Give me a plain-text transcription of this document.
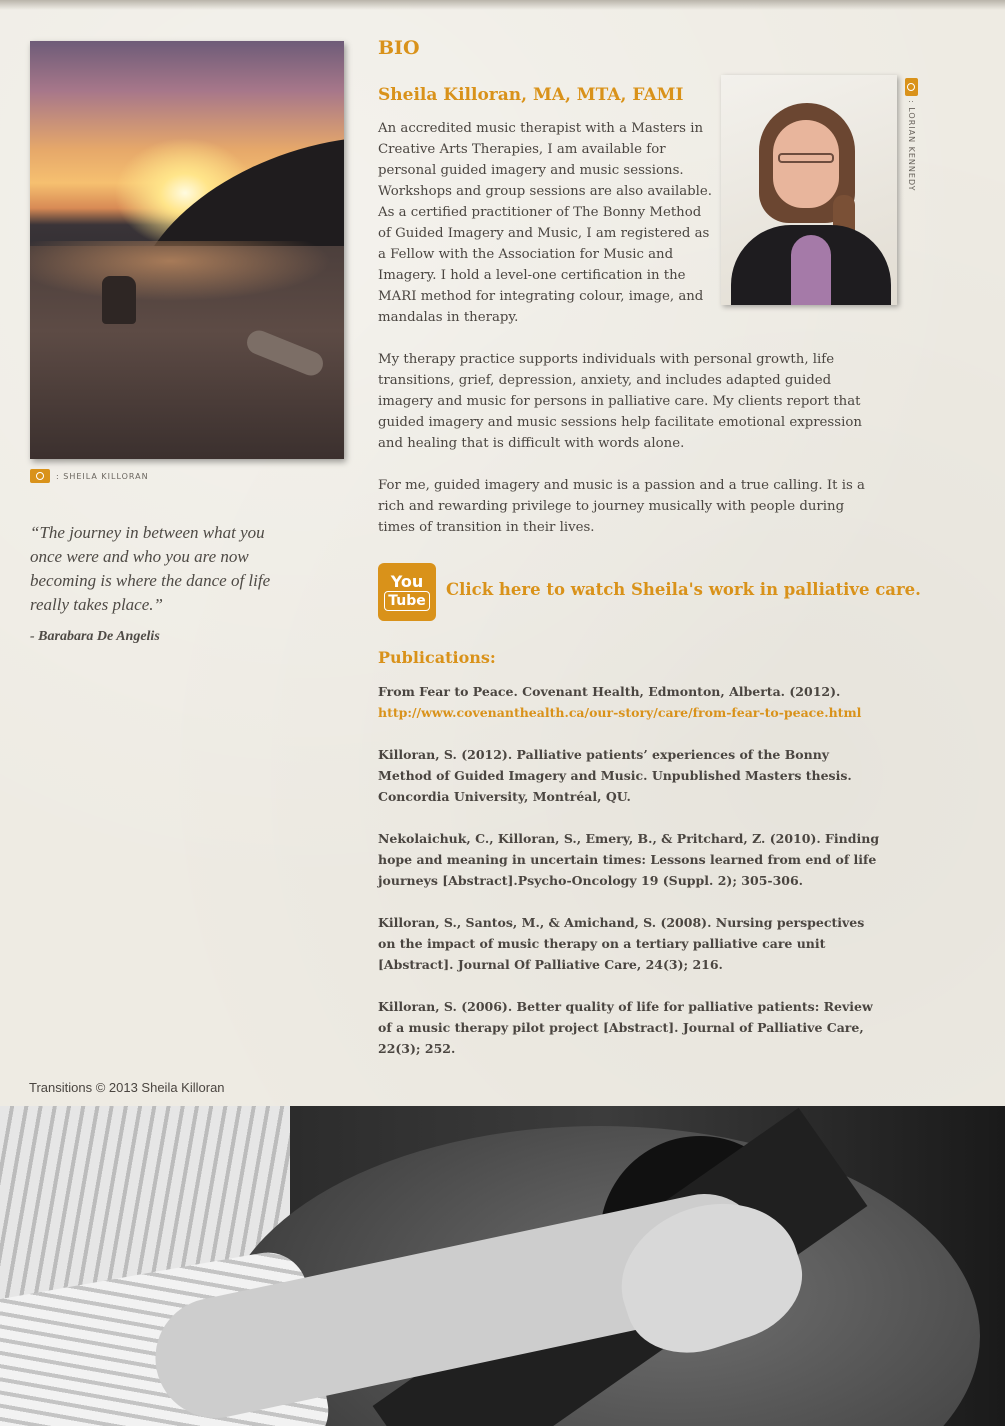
: SHEILA KILLORAN
“The journey in between what you once were and who you are now becoming is where the dance of life really takes place.”
- Barabara De Angelis
BIO
Sheila Killoran, MA, MTA, FAMI

An accredited music therapist with a Masters in Creative Arts Therapies, I am available for personal guided imagery and music sessions. Workshops and group sessions are also available. As a certified practitioner of The Bonny Method of Guided Imagery and Music, I am registered as a Fellow with the Association for Music and Imagery. I hold a level-one certification in the MARI method for integrating colour, image, and mandalas in therapy.

My therapy practice supports individuals with personal growth, life transitions, grief, depression, anxiety, and includes adapted guided imagery and music for persons in palliative care. My clients report that guided imagery and music sessions help facilitate emotional expression and healing that is difficult with words alone.

For me, guided imagery and music is a passion and a true calling. It is a rich and rewarding privilege to journey musically with people during times of transition in their lives.

: LORIAN KENNEDY
You
Tube
Click here to watch Sheila's work in palliative care.
Publications:

From Fear to Peace. Covenant Health, Edmonton, Alberta. (2012).
http://www.covenanthealth.ca/our-story/care/from-fear-to-peace.html

Killoran, S. (2012). Palliative patients’ experiences of the Bonny Method of Guided Imagery and Music. Unpublished Masters thesis. Concordia University, Montréal, QU.

Nekolaichuk, C., Killoran, S., Emery, B., & Pritchard, Z. (2010). Finding hope and meaning in uncertain times: Lessons learned from end of life journeys [Abstract].Psycho-Oncology 19 (Suppl. 2); 305-306.

Killoran, S., Santos, M., & Amichand, S. (2008). Nursing perspectives on the impact of music therapy on a tertiary palliative care unit [Abstract]. Journal Of Palliative Care, 24(3); 216.

Killoran, S. (2006). Better quality of life for palliative patients: Review of a music therapy pilot project [Abstract]. Journal of Palliative Care, 22(3); 252.

Transitions © 2013 Sheila Killoran
